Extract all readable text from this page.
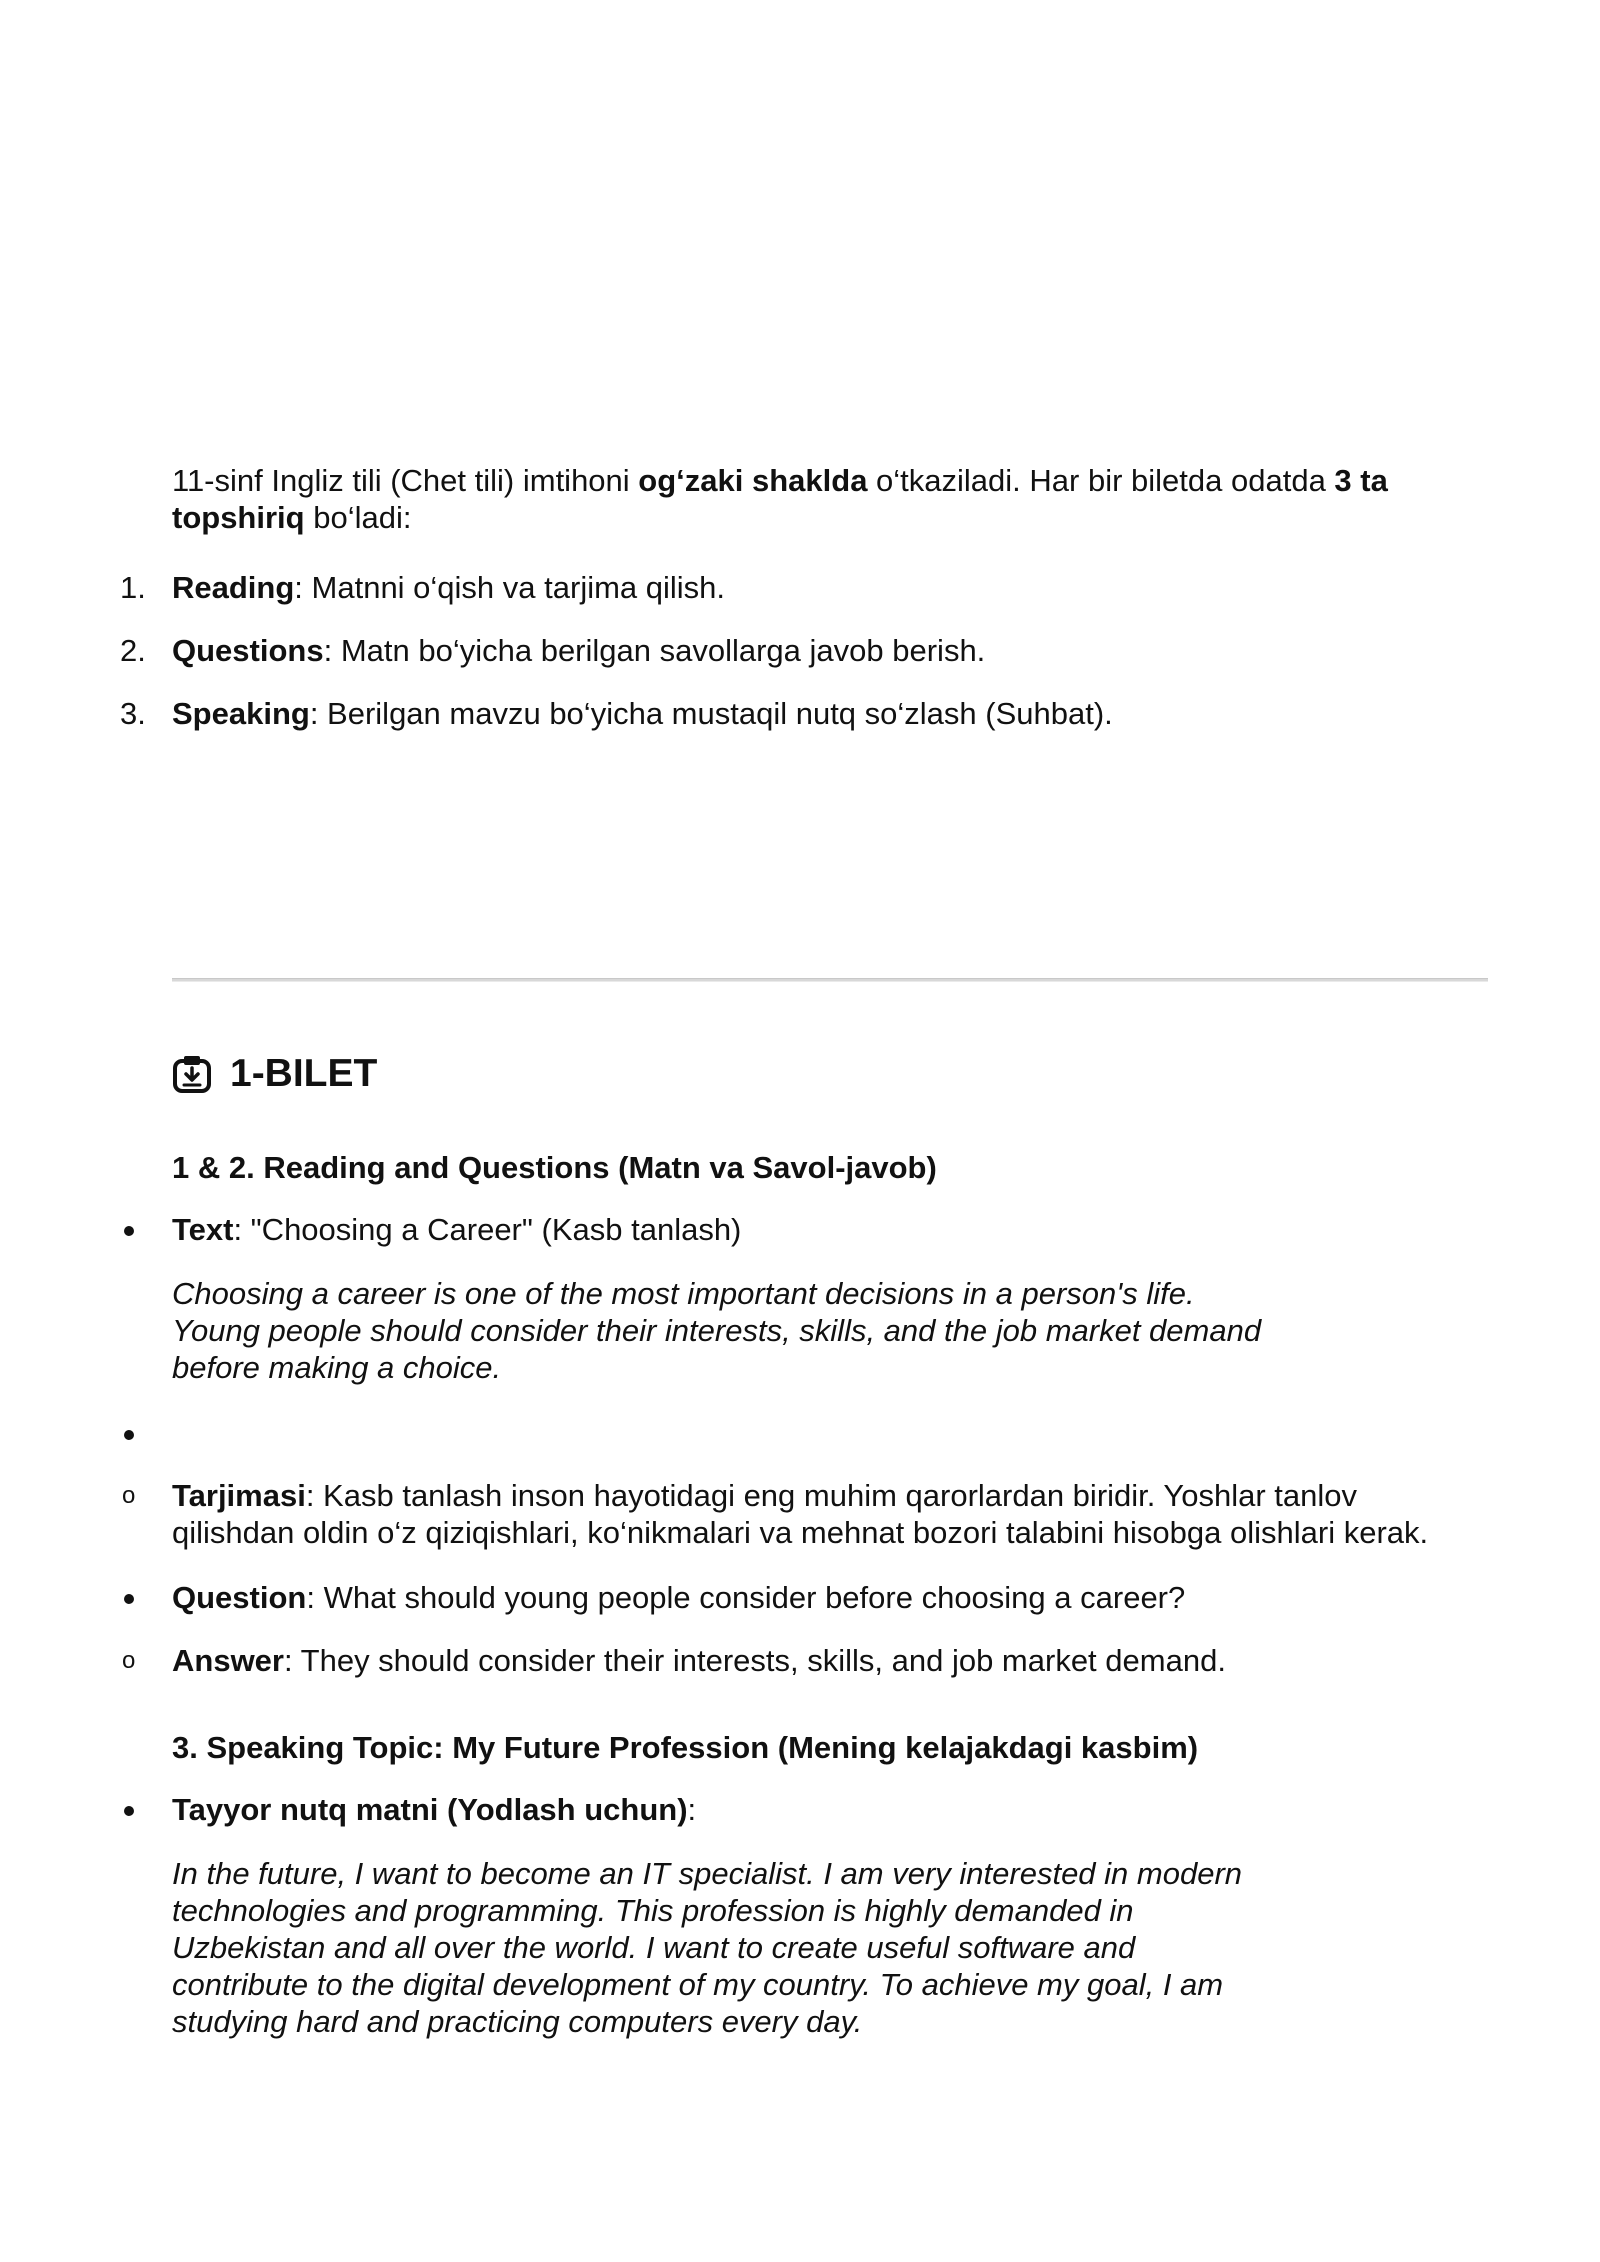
11-sinf Ingliz tili (Chet tili) imtihoni og‘zaki shaklda o‘tkaziladi. Har bir biletda odatda 3 ta
topshiriq bo‘ladi:
1. Reading: Matnni o‘qish va tarjima qilish.
2. Questions: Matn bo‘yicha berilgan savollarga javob berish.
3. Speaking: Berilgan mavzu bo‘yicha mustaqil nutq so‘zlash (Suhbat).
1-BILET
1 & 2. Reading and Questions (Matn va Savol-javob)
Text: "Choosing a Career" (Kasb tanlash)
Choosing a career is one of the most important decisions in a person's life.
Young people should consider their interests, skills, and the job market demand
before making a choice.
o Tarjimasi: Kasb tanlash inson hayotidagi eng muhim qarorlardan biridir. Yoshlar tanlov
qilishdan oldin o‘z qiziqishlari, ko‘nikmalari va mehnat bozori talabini hisobga olishlari kerak.
Question: What should young people consider before choosing a career?
o Answer: They should consider their interests, skills, and job market demand.
3. Speaking Topic: My Future Profession (Mening kelajakdagi kasbim)
Tayyor nutq matni (Yodlash uchun):
In the future, I want to become an IT specialist. I am very interested in modern
technologies and programming. This profession is highly demanded in
Uzbekistan and all over the world. I want to create useful software and
contribute to the digital development of my country. To achieve my goal, I am
studying hard and practicing computers every day.
